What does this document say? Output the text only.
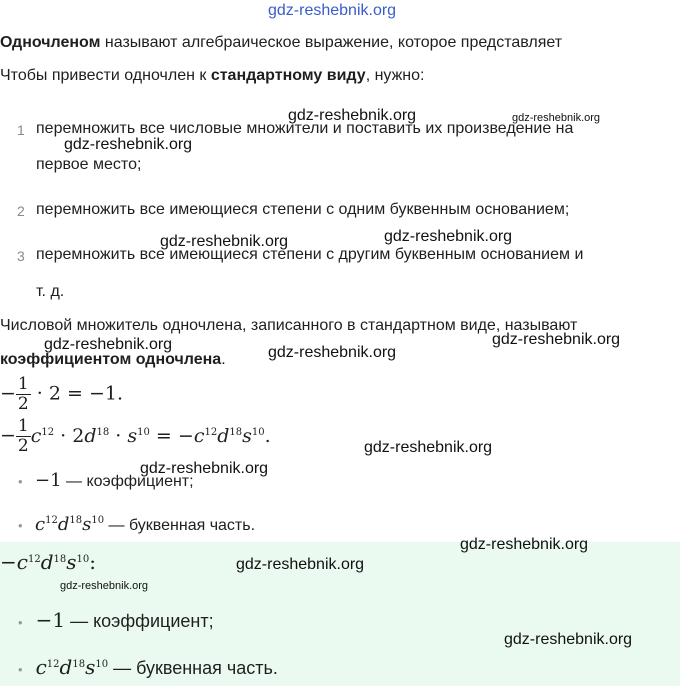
gdz-reshebnik.org
Одночленом называют алгебраическое выражение, которое представляет
Чтобы привести одночлен к стандартному виду, нужно:
1 перемножить все числовые множители и поставить их произведение на
первое место;
2 перемножить все имеющиеся степени с одним буквенным основанием;
3 перемножить все имеющиеся степени с другим буквенным основанием и
т. д.
Числовой множитель одночлена, записанного в стандартном виде, называют
коэффициентом одночлена.
− $\frac{1}{2} \cdot 2 = -1$.
− $\frac{1}{2} c^{12} \cdot 2d^{18} \cdot s^{10} = -c^{12}d^{18}s^{10}$.
• −1 — коэффициент;
• $c^{12}d^{18}s^{10}$ — буквенная часть.
$-c^{12}d^{18}s^{10}$:
• −1 — коэффициент;
• $c^{12}d^{18}s^{10}$ — буквенная часть.
gdz-reshebnik.org	gdz-reshebnik.org
gdz-reshebnik.org
gdz-reshebnik.org	gdz-reshebnik.org
gdz-reshebnik.org	gdz-reshebnik.org
gdz-reshebnik.org
gdz-reshebnik.org
gdz-reshebnik.org
gdz-reshebnik.org
gdz-reshebnik.org
gdz-reshebnik.org
gdz-reshebnik.org
